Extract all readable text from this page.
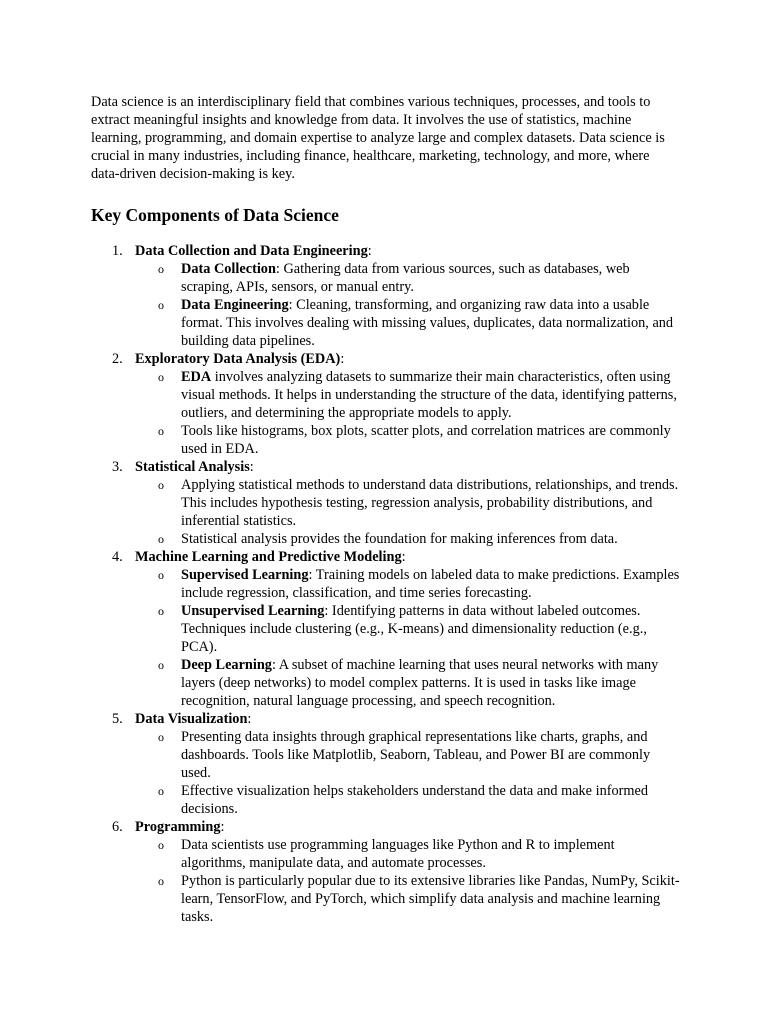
Data science is an interdisciplinary field that combines various techniques, processes, and tools to extract meaningful insights and knowledge from data. It involves the use of statistics, machine learning, programming, and domain expertise to analyze large and complex datasets. Data science is crucial in many industries, including finance, healthcare, marketing, technology, and more, where data-driven decision-making is key.

Key Components of Data Science
1. Data Collection and Data Engineering:
o Data Collection: Gathering data from various sources, such as databases, web scraping, APIs, sensors, or manual entry.
o Data Engineering: Cleaning, transforming, and organizing raw data into a usable format. This involves dealing with missing values, duplicates, data normalization, and building data pipelines.
2. Exploratory Data Analysis (EDA):
o EDA involves analyzing datasets to summarize their main characteristics, often using visual methods. It helps in understanding the structure of the data, identifying patterns, outliers, and determining the appropriate models to apply.
o Tools like histograms, box plots, scatter plots, and correlation matrices are commonly used in EDA.
3. Statistical Analysis:
o Applying statistical methods to understand data distributions, relationships, and trends. This includes hypothesis testing, regression analysis, probability distributions, and inferential statistics.
o Statistical analysis provides the foundation for making inferences from data.
4. Machine Learning and Predictive Modeling:
o Supervised Learning: Training models on labeled data to make predictions. Examples include regression, classification, and time series forecasting.
o Unsupervised Learning: Identifying patterns in data without labeled outcomes. Techniques include clustering (e.g., K-means) and dimensionality reduction (e.g., PCA).
o Deep Learning: A subset of machine learning that uses neural networks with many layers (deep networks) to model complex patterns. It is used in tasks like image recognition, natural language processing, and speech recognition.
5. Data Visualization:
o Presenting data insights through graphical representations like charts, graphs, and dashboards. Tools like Matplotlib, Seaborn, Tableau, and Power BI are commonly used.
o Effective visualization helps stakeholders understand the data and make informed decisions.
6. Programming:
o Data scientists use programming languages like Python and R to implement algorithms, manipulate data, and automate processes.
o Python is particularly popular due to its extensive libraries like Pandas, NumPy, Scikit-learn, TensorFlow, and PyTorch, which simplify data analysis and machine learning tasks.
